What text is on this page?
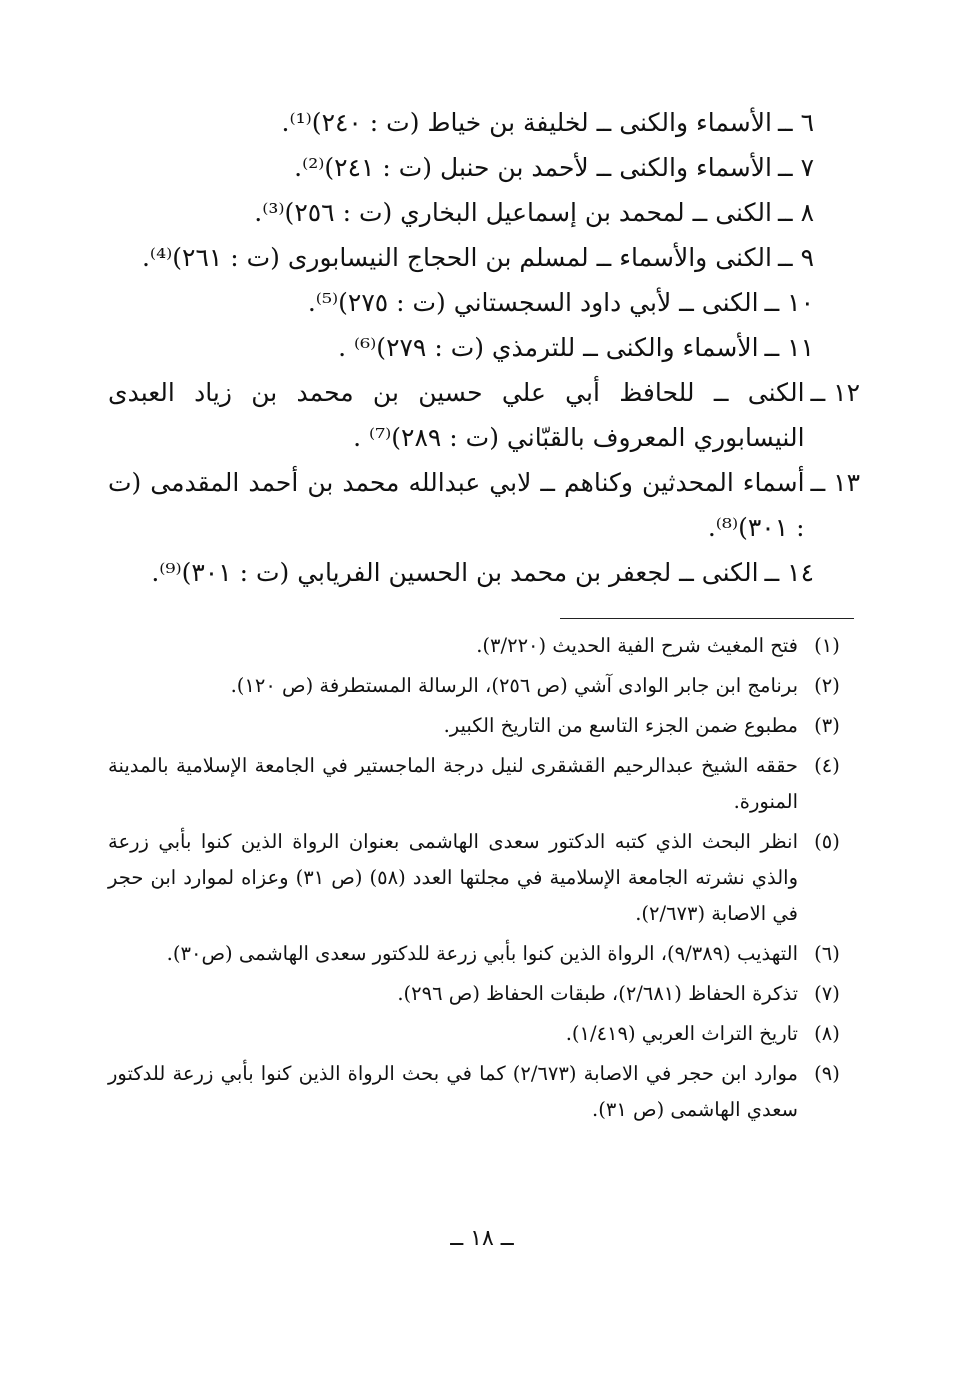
٦ ــ
الأسماء والكنى ــ لخليفة بن خياط (ت : ٢٤٠)⁽¹⁾.
٧ ــ
الأسماء والكنى ــ لأحمد بن حنبل (ت : ٢٤١)⁽²⁾.
٨ ــ
الكنى ــ لمحمد بن إسماعيل البخاري (ت : ٢٥٦)⁽³⁾.
٩ ــ
الكنى والأسماء ــ لمسلم بن الحجاج النيسابورى (ت : ٢٦١)⁽⁴⁾.
١٠ ــ
الكنى ــ لأبي داود السجستاني (ت : ٢٧٥)⁽⁵⁾.
١١ ــ
الأسماء والكنى ــ للترمذي (ت : ٢٧٩)⁽⁶⁾ .
١٢ ــ
الكنى ــ للحافظ أبي علي حسين بن محمد بن زياد العبدى النيسابوري المعروف بالقبّاني (ت : ٢٨٩)⁽⁷⁾ .
١٣ ــ
أسماء المحدثين وكناهم ــ لابي عبدالله محمد بن أحمد المقدمى (ت : ٣٠١)⁽⁸⁾.
١٤ ــ
الكنى ــ لجعفر بن محمد بن الحسين الفريابي (ت : ٣٠١)⁽⁹⁾.
(١)
فتح المغيث شرح الفية الحديث (٣/٢٢٠).
(٢)
برنامج ابن جابر الوادى آشي (ص ٢٥٦)، الرسالة المستطرفة (ص ١٢٠).
(٣)
مطبوع ضمن الجزء التاسع من التاريخ الكبير.
(٤)
حققه الشيخ عبدالرحيم القشقرى لنيل درجة الماجستير في الجامعة الإسلامية بالمدينة المنورة.
(٥)
انظر البحث الذي كتبه الدكتور سعدى الهاشمى بعنوان الرواة الذين كنوا بأبي زرعة والذي نشرته الجامعة الإسلامية في مجلتها العدد (٥٨) (ص ٣١) وعزاه لموارد ابن حجر في الاصابة (٢/٦٧٣).
(٦)
التهذيب (٩/٣٨٩)، الرواة الذين كنوا بأبي زرعة للدكتور سعدى الهاشمى (ص٣٠).
(٧)
تذكرة الحفاظ (٢/٦٨١)، طبقات الحفاظ (ص ٢٩٦).
(٨)
تاريخ التراث العربي (١/٤١٩).
(٩)
موارد ابن حجر في الاصابة (٢/٦٧٣) كما في بحث الرواة الذين كنوا بأبي زرعة للدكتور سعدي الهاشمى (ص ٣١).
ــ ١٨ ــ
